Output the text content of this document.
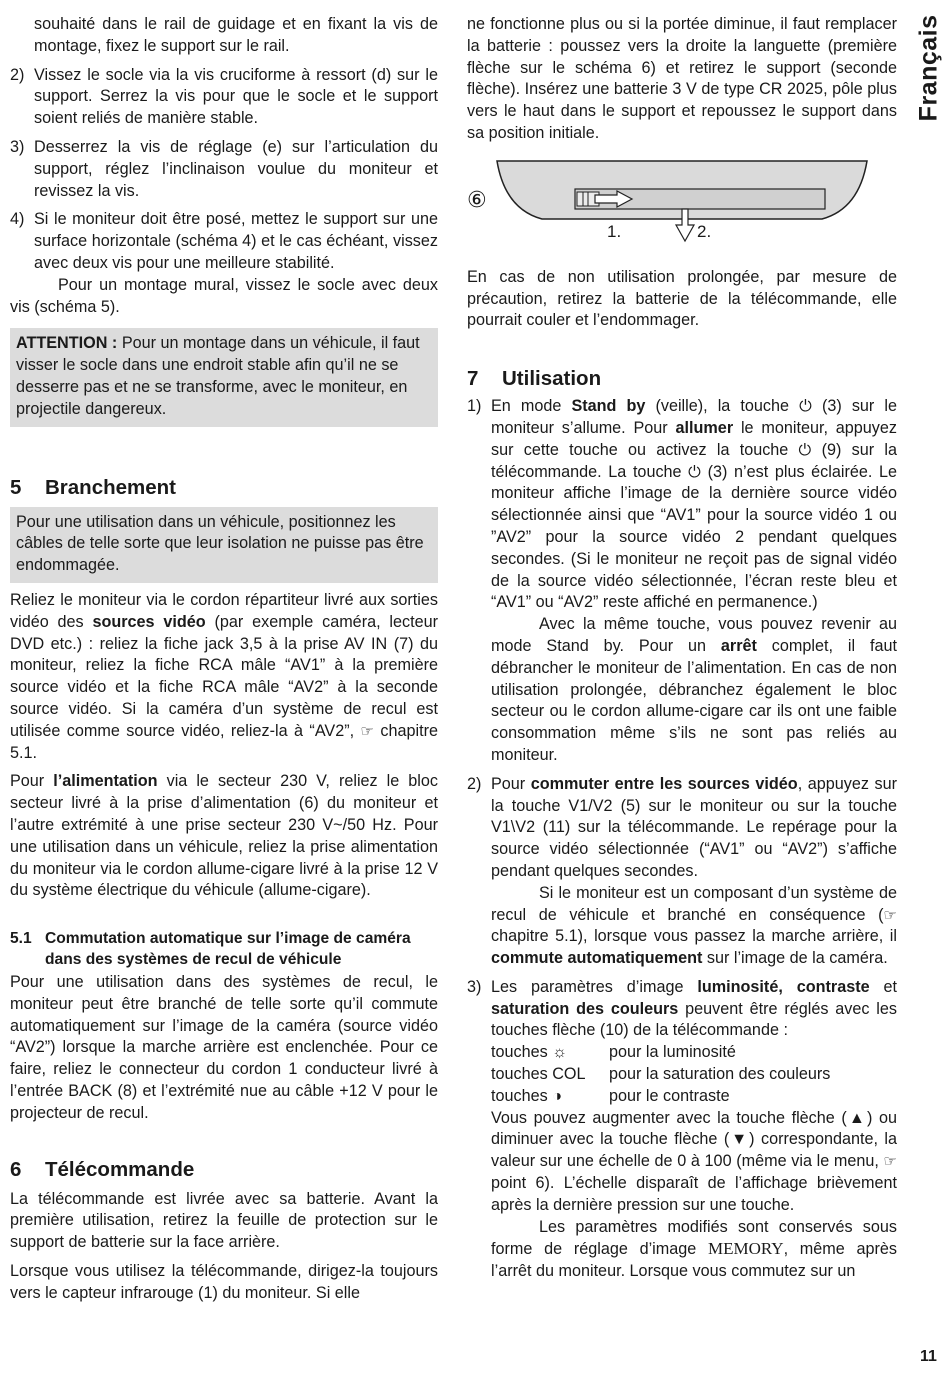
Français

souhaité dans le rail de guidage et en fixant la vis de montage, fixez le support sur le rail.

2) Vissez le socle via la vis cruciforme à ressort (d) sur le support. Serrez la vis pour que le socle et le support soient reliés de manière stable.
3) Desserrez la vis de réglage (e) sur l’articulation du support, réglez l’inclinaison voulue du moniteur et revissez la vis.
4) Si le moniteur doit être posé, mettez le support sur une surface horizontale (schéma 4) et le cas échéant, vissez avec deux vis pour une meilleure stabilité.

Pour un montage mural, vissez le socle avec deux vis (schéma 5).

ATTENTION : Pour un montage dans un véhicule, il faut visser le socle dans une endroit stable afin qu’il ne se desserre pas et ne se transforme, avec le moniteur, en projectile dangereux.
5	Branchement
Pour une utilisation dans un véhicule, positionnez les câbles de telle sorte que leur isolation ne puisse pas être endommagée.

Reliez le moniteur via le cordon répartiteur livré aux sorties vidéo des sources vidéo (par exemple caméra, lecteur DVD etc.) : reliez la fiche jack 3,5 à la prise AV IN (7) du moniteur, reliez la fiche RCA mâle “AV1” à la première source vidéo et la fiche RCA mâle “AV2” à la seconde source vidéo. Si la caméra d’un système de recul est utilisée comme source vidéo, reliez-la à “AV2”, ☞ chapitre 5.1.

Pour l’alimentation via le secteur 230 V, reliez le bloc secteur livré à la prise d’alimentation (6) du moniteur et l’autre extrémité à une prise secteur 230 V~/50 Hz. Pour une utilisation dans un véhicule, reliez la prise alimentation du moniteur via le cordon allume-cigare livré à la prise 12 V du système électrique du véhicule (allume-cigare).

5.1 Commutation automatique sur l’image de caméra dans des systèmes de recul de véhicule

Pour une utilisation dans des systèmes de recul, le moniteur peut être branché de telle sorte qu’il commute automatiquement sur l’image de la caméra (source vidéo “AV2”) lorsque la marche arrière est enclenchée. Pour ce faire, reliez le connecteur du cordon 1 conducteur livré à l’entrée BACK (8) et l’extrémité nue au câble +12 V pour le projecteur de recul.

6	Télécommande

La télécommande est livrée avec sa batterie. Avant la première utilisation, retirez la feuille de protection sur le support de batterie sur la face arrière.

Lorsque vous utilisez la télécommande, dirigez-la toujours vers le capteur infrarouge (1) du moniteur. Si elle

ne fonctionne plus ou si la portée diminue, il faut remplacer la batterie : poussez vers la droite la languette (première flèche sur le schéma 6) et retirez le support (seconde flèche). Insérez une batterie 3 V de type CR 2025, pôle plus vers le haut dans le support et repoussez le support dans sa position initiale.

⑥
1.	2.

En cas de non utilisation prolongée, par mesure de précaution, retirez la batterie de la télécommande, elle pourrait couler et l’endommager.

7	Utilisation
1) En mode Stand by (veille), la touche ⏻ (3) sur le moniteur s’allume. Pour allumer le moniteur, appuyez sur cette touche ou activez la touche ⏻ (9) sur la télécommande. La touche ⏻ (3) n’est plus éclairée. Le moniteur affiche l’image de la dernière source vidéo sélectionnée ainsi que “AV1” pour la source vidéo 1 ou ”AV2” pour la source vidéo 2 pendant quelques secondes. (Si le moniteur ne reçoit pas de signal vidéo de la source vidéo sélectionnée, l’écran reste bleu et “AV1” ou “AV2” reste affiché en permanence.)

Avec la même touche, vous pouvez revenir au mode Stand by. Pour un arrêt complet, il faut débrancher le moniteur de l’alimentation. En cas de non utilisation prolongée, débranchez également le bloc secteur ou le cordon allume-cigare car ils ont une faible consommation même s’ils ne sont pas reliés au moniteur.

2) Pour commuter entre les sources vidéo, appuyez sur la touche V1/V2 (5) sur le moniteur ou sur la touche V1\V2 (11) sur la télécommande. Le repérage pour la source vidéo sélectionnée (“AV1” ou “AV2”) s’affiche pendant quelques secondes.

Si le moniteur est un composant d’un système de recul de véhicule et branché en conséquence (☞ chapitre 5.1), lorsque vous passez la marche arrière, il commute automatiquement sur l’image de la caméra.

3) Les paramètres d’image luminosité, contraste et saturation des couleurs peuvent être réglés avec les touches flèche (10) de la télécommande :
touches ☼	pour la luminosité
touches COL	pour la saturation des couleurs
touches ◑	pour le contraste

Vous pouvez augmenter avec la touche flèche (▲) ou diminuer avec la touche flèche (▼) correspondante, la valeur sur une échelle de 0 à 100 (même via le menu, ☞ point 6). L’échelle disparaît de l’affichage brièvement après la dernière pression sur une touche.

Les paramètres modifiés sont conservés sous forme de réglage d’image MEMORY, même après l’arrêt du moniteur. Lorsque vous commutez sur un

11
